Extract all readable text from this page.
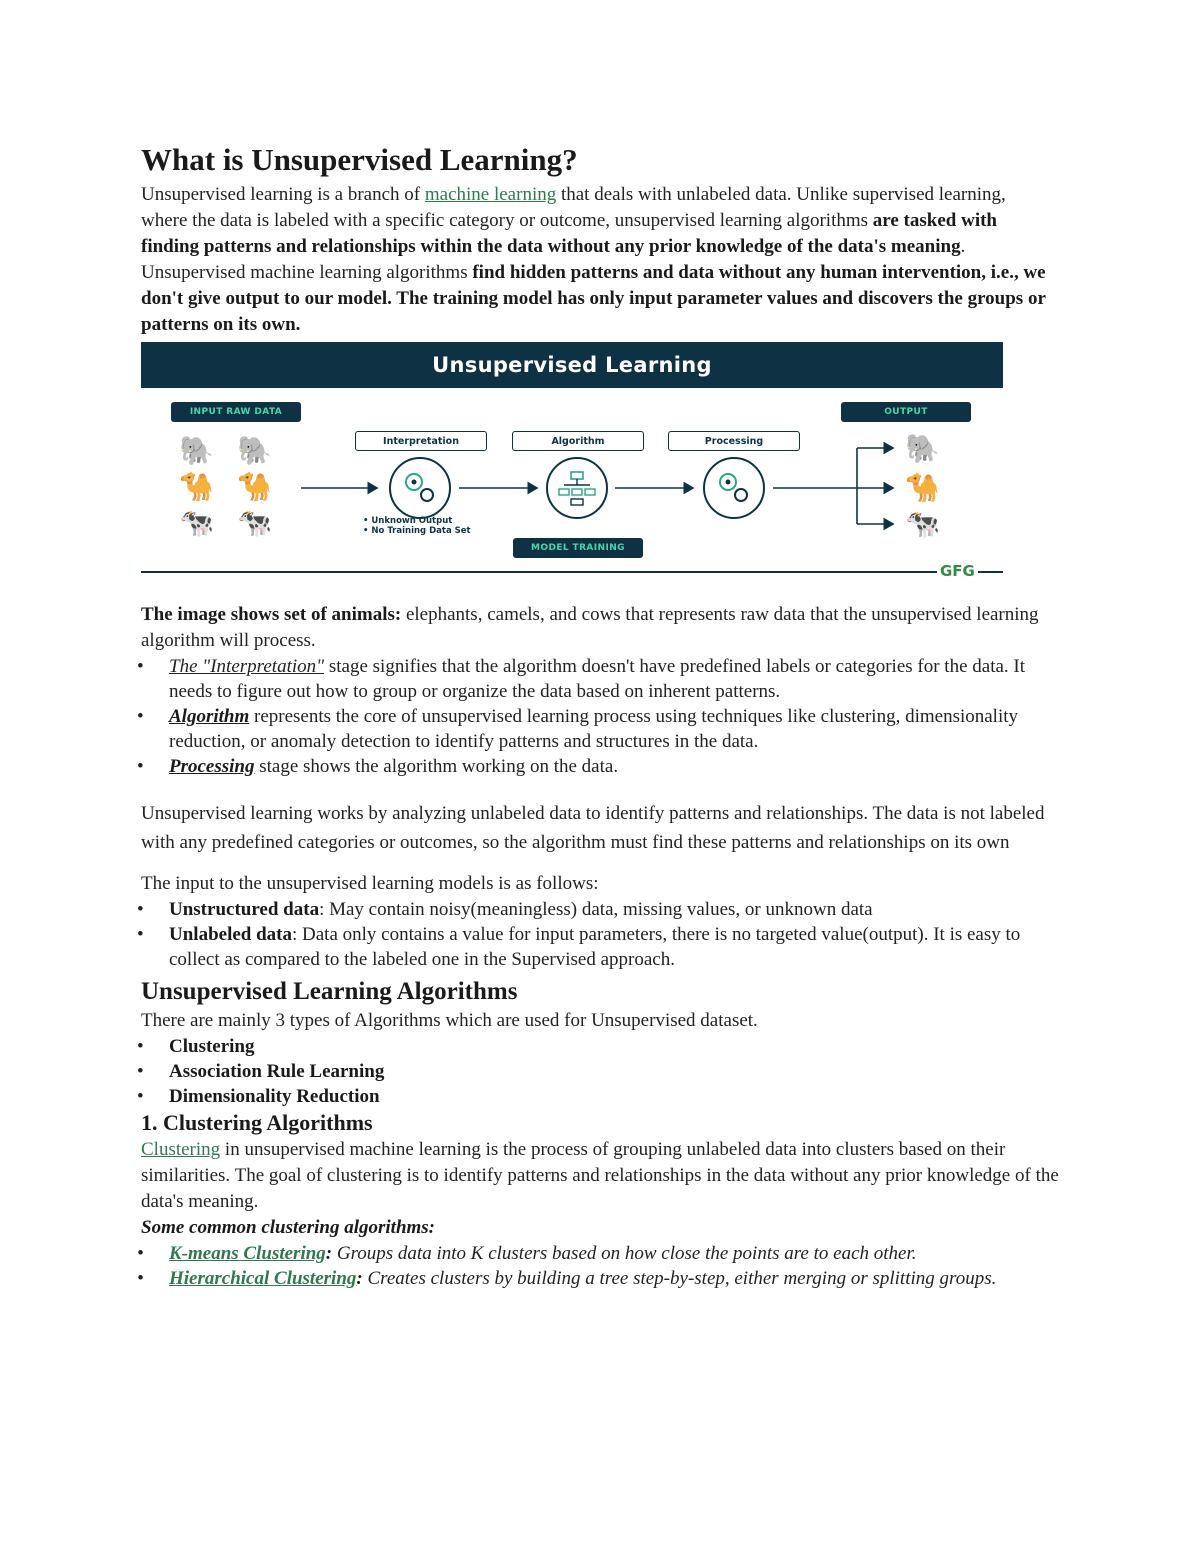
What is Unsupervised Learning?

Unsupervised learning is a branch of machine learning that deals with unlabeled data. Unlike supervised learning, where the data is labeled with a specific category or outcome, unsupervised learning algorithms are tasked with finding patterns and relationships within the data without any prior knowledge of the data's meaning. Unsupervised machine learning algorithms find hidden patterns and data without any human intervention, i.e., we don't give output to our model. The training model has only input parameter values and discovers the groups or patterns on its own.

Unsupervised Learning
INPUT RAW DATA	OUTPUT
MODEL TRAINING
Interpretation	Algorithm	Processing
• Unknown Output
• No Training Data Set
🐘 🐘
🐪 🐪
🐄 🐄
🐘
🐪
🐄
GFG

The image shows set of animals: elephants, camels, and cows that represents raw data that the unsupervised learning algorithm will process.

• The "Interpretation" stage signifies that the algorithm doesn't have predefined labels or categories for the data. It needs to figure out how to group or organize the data based on inherent patterns.
• Algorithm represents the core of unsupervised learning process using techniques like clustering, dimensionality reduction, or anomaly detection to identify patterns and structures in the data.
• Processing stage shows the algorithm working on the data.

Unsupervised learning works by analyzing unlabeled data to identify patterns and relationships. The data is not labeled with any predefined categories or outcomes, so the algorithm must find these patterns and relationships on its own

The input to the unsupervised learning models is as follows:

• Unstructured data: May contain noisy(meaningless) data, missing values, or unknown data
• Unlabeled data: Data only contains a value for input parameters, there is no targeted value(output). It is easy to collect as compared to the labeled one in the Supervised approach.
Unsupervised Learning Algorithms

There are mainly 3 types of Algorithms which are used for Unsupervised dataset.

• Clustering
• Association Rule Learning
• Dimensionality Reduction
1. Clustering Algorithms

Clustering in unsupervised machine learning is the process of grouping unlabeled data into clusters based on their similarities. The goal of clustering is to identify patterns and relationships in the data without any prior knowledge of the data's meaning.

Some common clustering algorithms:

• K-means Clustering: Groups data into K clusters based on how close the points are to each other.
• Hierarchical Clustering: Creates clusters by building a tree step-by-step, either merging or splitting groups.
